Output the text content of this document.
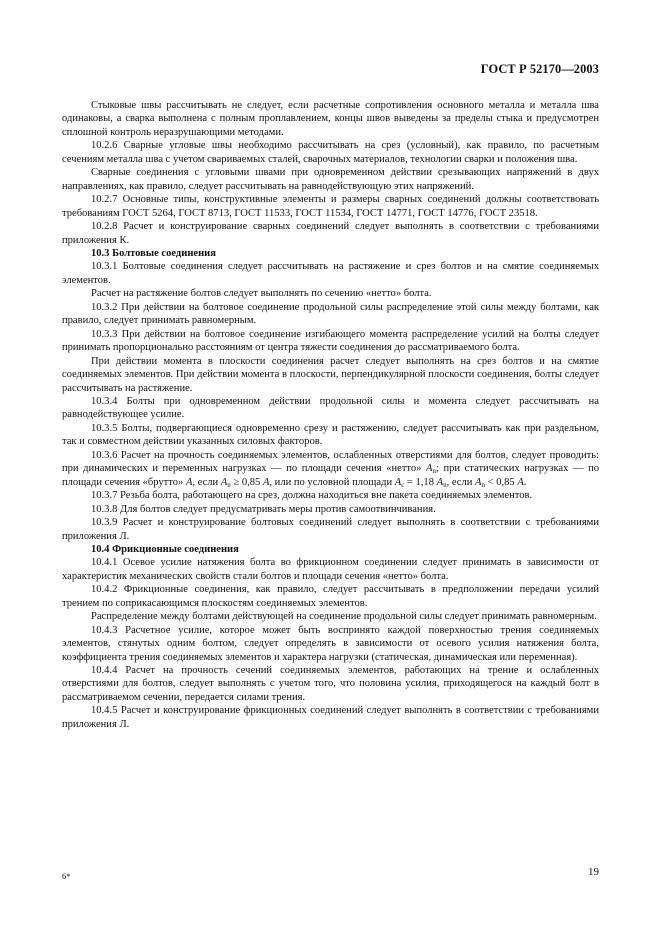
ГОСТ Р 52170—2003

Стыковые швы рассчитывать не следует, если расчетные сопротивления основного металла и металла шва одинаковы, а сварка выполнена с полным проплавлением, концы швов выведены за пределы стыка и предусмотрен сплошной контроль неразрушающими методами.

10.2.6 Сварные угловые швы необходимо рассчитывать на срез (условный), как правило, по расчетным сечениям металла шва с учетом свариваемых сталей, сварочных материалов, технологии сварки и положения шва.

Сварные соединения с угловыми швами при одновременном действии срезывающих напряжений в двух направлениях, как правило, следует рассчитывать на равнодействующую этих напряжений.

10.2.7 Основные типы, конструктивные элементы и размеры сварных соединений должны соответствовать требованиям ГОСТ 5264, ГОСТ 8713, ГОСТ 11533, ГОСТ 11534, ГОСТ 14771, ГОСТ 14776, ГОСТ 23518.

10.2.8 Расчет и конструирование сварных соединений следует выполнять в соответствии с требованиями приложения К.

10.3 Болтовые соединения

10.3.1 Болтовые соединения следует рассчитывать на растяжение и срез болтов и на смятие соединяемых элементов.

Расчет на растяжение болтов следует выполнять по сечению «нетто» болта.

10.3.2 При действии на болтовое соединение продольной силы распределение этой силы между болтами, как правило, следует принимать равномерным.

10.3.3 При действии на болтовое соединение изгибающего момента распределение усилий на болты следует принимать пропорционально расстояниям от центра тяжести соединения до рассматриваемого болта.

При действии момента в плоскости соединения расчет следует выполнять на срез болтов и на смятие соединяемых элементов. При действии момента в плоскости, перпендикулярной плоскости соединения, болты следует рассчитывать на растяжение.

10.3.4 Болты при одновременном действии продольной силы и момента следует рассчитывать на равнодействующее усилие.

10.3.5 Болты, подвергающиеся одновременно срезу и растяжению, следует рассчитывать как при раздельном, так и совместном действии указанных силовых факторов.

10.3.6 Расчет на прочность соединяемых элементов, ослабленных отверстиями для болтов, следует проводить: при динамических и переменных нагрузках — по площади сечения «нетто» $A_n$; при статических нагрузках — по площади сечения «брутто» A, если $A_n \ge 0,85$ A, или по условной площади $A_c = 1,18$ $A_n$, если $A_n < 0,85$ A.

10.3.7 Резьба болта, работающего на срез, должна находиться вне пакета соединяемых элементов.

10.3.8 Для болтов следует предусматривать меры против самоотвинчивания.

10.3.9 Расчет и конструирование болтовых соединений следует выполнять в соответствии с требованиями приложения Л.

10.4 Фрикционные соединения

10.4.1 Осевое усилие натяжения болта во фрикционном соединении следует принимать в зависимости от характеристик механических свойств стали болтов и площади сечения «нетто» болта.

10.4.2 Фрикционные соединения, как правило, следует рассчитывать в предположении передачи усилий трением по соприкасающимся плоскостям соединяемых элементов.

Распределение между болтами действующей на соединение продольной силы следует принимать равномерным.

10.4.3 Расчетное усилие, которое может быть воспринято каждой поверхностью трения соединяемых элементов, стянутых одним болтом, следует определять в зависимости от осевого усилия натяжения болта, коэффициента трения соединяемых элементов и характера нагрузки (статическая, динамическая или переменная).

10.4.4 Расчет на прочность сечений соединяемых элементов, работающих на трение и ослабленных отверстиями для болтов, следует выполнять с учетом того, что половина усилия, приходящегося на каждый болт в рассматриваемом сечении, передается силами трения.

10.4.5 Расчет и конструирование фрикционных соединений следует выполнять в соответствии с требованиями приложения Л.

6*	19
